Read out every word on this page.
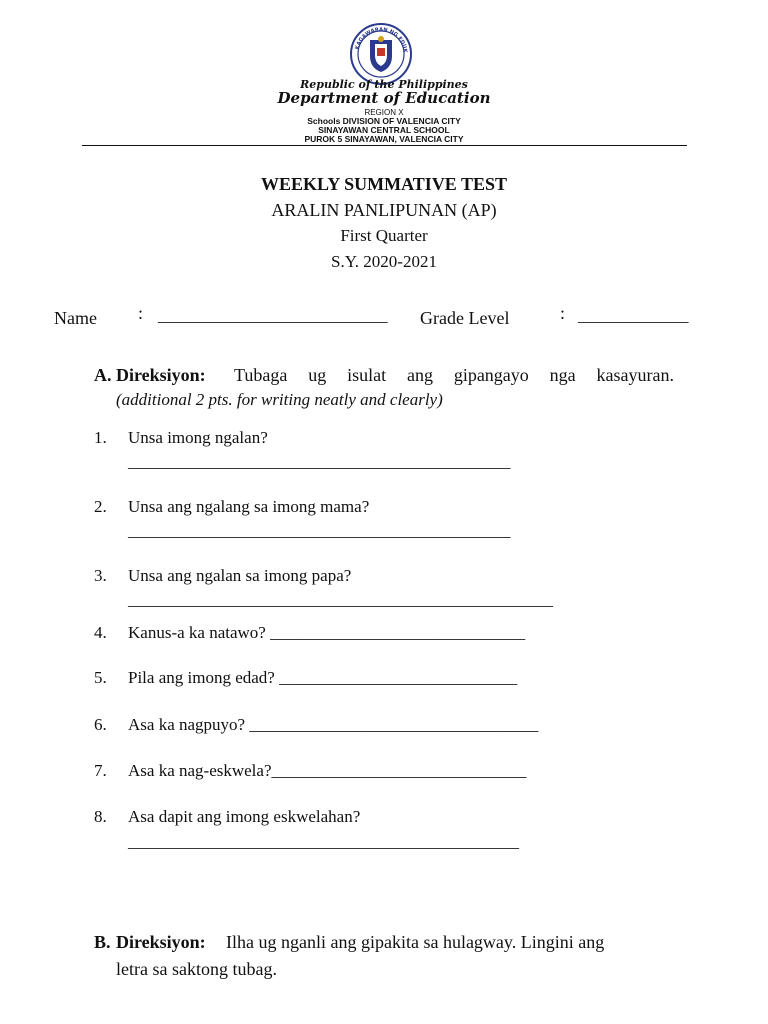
KAGAWARAN NG EDUK
Republic of the Philippines
Department of Education
REGION X
Schools DIVISION OF VALENCIA CITY
SINAYAWAN CENTRAL SCHOOL
PUROK 5 SINAYAWAN, VALENCIA CITY
WEEKLY SUMMATIVE TEST
ARALIN PANLIPUNAN (AP)
First Quarter
S.Y. 2020-2021
Name : ___________________________ Grade Level	: _____________
A. Direksiyon: Tubaga ug isulat ang gipangayo nga kasayuran.
(additional 2 pts. for writing neatly and clearly)
1. Unsa imong ngalan?
_____________________________________________
2. Unsa ang ngalang sa imong mama?
_____________________________________________
3. Unsa ang ngalan sa imong papa?
__________________________________________________
4. Kanus-a ka natawo? ______________________________
5. Pila ang imong edad? ____________________________
6. Asa ka nagpuyo? __________________________________
7. Asa ka nag-eskwela?______________________________
8. Asa dapit ang imong eskwelahan?
______________________________________________
B. Direksiyon: Ilha ug nganli ang gipakita sa hulagway. Lingini ang
letra sa saktong tubag.
